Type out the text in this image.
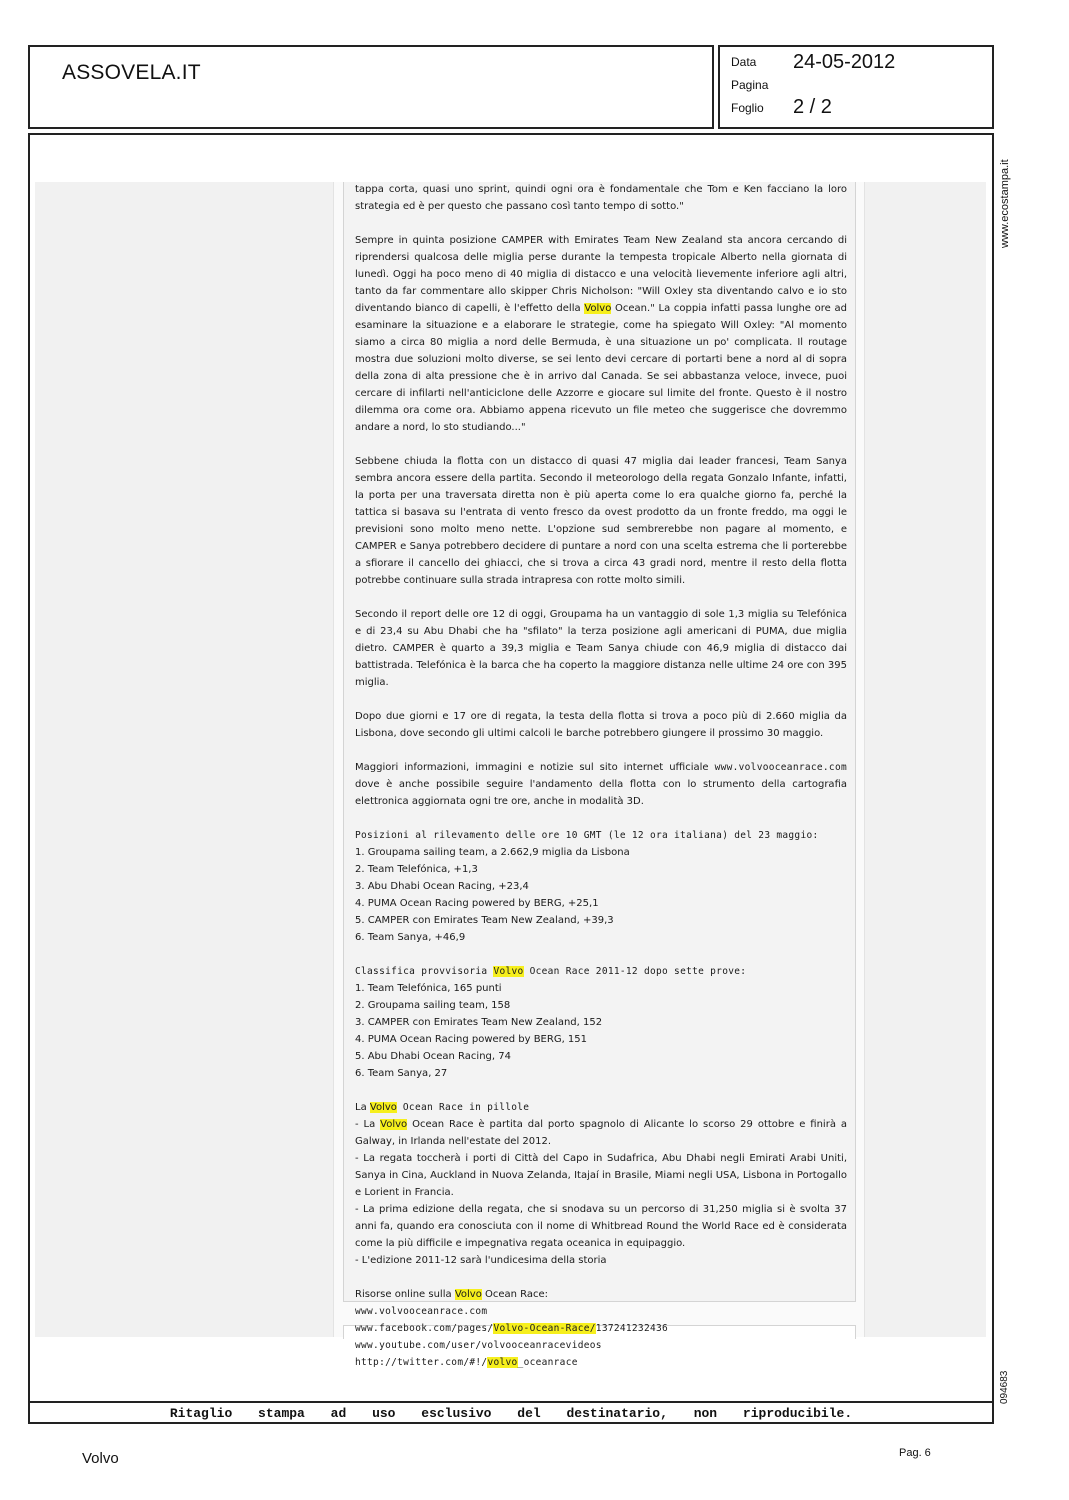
ASSOVELA.IT	Data 24-05-2012
Pagina
Foglio 2 / 2
Ritaglio stampa ad uso esclusivo del destinatario, non riproducibile.

tappa corta, quasi uno sprint, quindi ogni ora è fondamentale che Tom e Ken facciano la loro strategia ed è per questo che passano così tanto tempo di sotto."

Sempre in quinta posizione CAMPER with Emirates Team New Zealand sta ancora cercando di riprendersi qualcosa delle miglia perse durante la tempesta tropicale Alberto nella giornata di lunedì. Oggi ha poco meno di 40 miglia di distacco e una velocità lievemente inferiore agli altri, tanto da far commentare allo skipper Chris Nicholson: "Will Oxley sta diventando calvo e io sto diventando bianco di capelli, è l'effetto della Volvo Ocean." La coppia infatti passa lunghe ore ad esaminare la situazione e a elaborare le strategie, come ha spiegato Will Oxley: "Al momento siamo a circa 80 miglia a nord delle Bermuda, è una situazione un po' complicata. Il routage mostra due soluzioni molto diverse, se sei lento devi cercare di portarti bene a nord al di sopra della zona di alta pressione che è in arrivo dal Canada. Se sei abbastanza veloce, invece, puoi cercare di infilarti nell'anticiclone delle Azzorre e giocare sul limite del fronte. Questo è il nostro dilemma ora come ora. Abbiamo appena ricevuto un file meteo che suggerisce che dovremmo andare a nord, lo sto studiando..."

Sebbene chiuda la flotta con un distacco di quasi 47 miglia dai leader francesi, Team Sanya sembra ancora essere della partita. Secondo il meteorologo della regata Gonzalo Infante, infatti, la porta per una traversata diretta non è più aperta come lo era qualche giorno fa, perché la tattica si basava su l'entrata di vento fresco da ovest prodotto da un fronte freddo, ma oggi le previsioni sono molto meno nette. L'opzione sud sembrerebbe non pagare al momento, e CAMPER e Sanya potrebbero decidere di puntare a nord con una scelta estrema che li porterebbe a sfiorare il cancello dei ghiacci, che si trova a circa 43 gradi nord, mentre il resto della flotta potrebbe continuare sulla strada intrapresa con rotte molto simili.

Secondo il report delle ore 12 di oggi, Groupama ha un vantaggio di sole 1,3 miglia su Telefónica e di 23,4 su Abu Dhabi che ha "sfilato" la terza posizione agli americani di PUMA, due miglia dietro. CAMPER è quarto a 39,3 miglia e Team Sanya chiude con 46,9 miglia di distacco dai battistrada. Telefónica è la barca che ha coperto la maggiore distanza nelle ultime 24 ore con 395 miglia.

Dopo due giorni e 17 ore di regata, la testa della flotta si trova a poco più di 2.660 miglia da Lisbona, dove secondo gli ultimi calcoli le barche potrebbero giungere il prossimo 30 maggio.

Maggiori informazioni, immagini e notizie sul sito internet ufficiale www.volvooceanrace.com dove è anche possibile seguire l'andamento della flotta con lo strumento della cartografia elettronica aggiornata ogni tre ore, anche in modalità 3D.

Posizioni al rilevamento delle ore 10 GMT (le 12 ora italiana) del 23 maggio:
1. Groupama sailing team, a 2.662,9 miglia da Lisbona
2. Team Telefónica, +1,3
3. Abu Dhabi Ocean Racing, +23,4
4. PUMA Ocean Racing powered by BERG, +25,1
5. CAMPER con Emirates Team New Zealand, +39,3
6. Team Sanya, +46,9

Classifica provvisoria Volvo Ocean Race 2011-12 dopo sette prove:
1. Team Telefónica, 165 punti
2. Groupama sailing team, 158
3. CAMPER con Emirates Team New Zealand, 152
4. PUMA Ocean Racing powered by BERG, 151
5. Abu Dhabi Ocean Racing, 74
6. Team Sanya, 27

La Volvo Ocean Race in pillole
- La Volvo Ocean Race è partita dal porto spagnolo di Alicante lo scorso 29 ottobre e finirà a Galway, in Irlanda nell'estate del 2012.
- La regata toccherà i porti di Città del Capo in Sudafrica, Abu Dhabi negli Emirati Arabi Uniti, Sanya in Cina, Auckland in Nuova Zelanda, Itajaí in Brasile, Miami negli USA, Lisbona in Portogallo e Lorient in Francia.
- La prima edizione della regata, che si snodava su un percorso di 31,250 miglia si è svolta 37 anni fa, quando era conosciuta con il nome di Whitbread Round the World Race ed è considerata come la più difficile e impegnativa regata oceanica in equipaggio.
- L'edizione 2011-12 sarà l'undicesima della storia

Risorse online sulla Volvo Ocean Race:
www.volvooceanrace.com
www.facebook.com/pages/Volvo-Ocean-Race/137241232436
www.youtube.com/user/volvooceanracevideos
http://twitter.com/#!/volvo_oceanrace

www.ecostampa.it
094683
Volvo	Pag. 6
